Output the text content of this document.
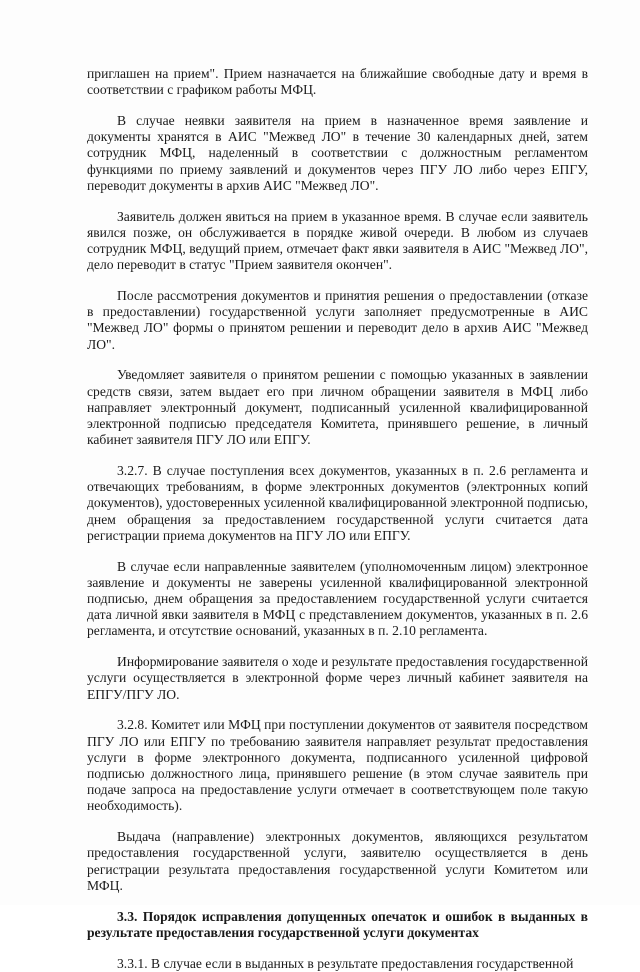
приглашен на прием". Прием назначается на ближайшие свободные дату и время в соответствии с графиком работы МФЦ.

В случае неявки заявителя на прием в назначенное время заявление и документы хранятся в АИС "Межвед ЛО" в течение 30 календарных дней, затем сотрудник МФЦ, наделенный в соответствии с должностным регламентом функциями по приему заявлений и документов через ПГУ ЛО либо через ЕПГУ, переводит документы в архив АИС "Межвед ЛО".

Заявитель должен явиться на прием в указанное время. В случае если заявитель явился позже, он обслуживается в порядке живой очереди. В любом из случаев сотрудник МФЦ, ведущий прием, отмечает факт явки заявителя в АИС "Межвед ЛО", дело переводит в статус "Прием заявителя окончен".

После рассмотрения документов и принятия решения о предоставлении (отказе в предоставлении) государственной услуги заполняет предусмотренные в АИС "Межвед ЛО" формы о принятом решении и переводит дело в архив АИС "Межвед ЛО".

Уведомляет заявителя о принятом решении с помощью указанных в заявлении средств связи, затем выдает его при личном обращении заявителя в МФЦ либо направляет электронный документ, подписанный усиленной квалифицированной электронной подписью председателя Комитета, принявшего решение, в личный кабинет заявителя ПГУ ЛО или ЕПГУ.

3.2.7. В случае поступления всех документов, указанных в п. 2.6 регламента и отвечающих требованиям, в форме электронных документов (электронных копий документов), удостоверенных усиленной квалифицированной электронной подписью, днем обращения за предоставлением государственной услуги считается дата регистрации приема документов на ПГУ ЛО или ЕПГУ.

В случае если направленные заявителем (уполномоченным лицом) электронное заявление и документы не заверены усиленной квалифицированной электронной подписью, днем обращения за предоставлением государственной услуги считается дата личной явки заявителя в МФЦ с представлением документов, указанных в п. 2.6 регламента, и отсутствие оснований, указанных в п. 2.10 регламента.

Информирование заявителя о ходе и результате предоставления государственной услуги осуществляется в электронной форме через личный кабинет заявителя на ЕПГУ/ПГУ ЛО.

3.2.8. Комитет или МФЦ при поступлении документов от заявителя посредством ПГУ ЛО или ЕПГУ по требованию заявителя направляет результат предоставления услуги в форме электронного документа, подписанного усиленной цифровой подписью должностного лица, принявшего решение (в этом случае заявитель при подаче запроса на предоставление услуги отмечает в соответствующем поле такую необходимость).

Выдача (направление) электронных документов, являющихся результатом предоставления государственной услуги, заявителю осуществляется в день регистрации результата предоставления государственной услуги Комитетом или МФЦ.

3.3. Порядок исправления допущенных опечаток и ошибок в выданных в результате предоставления государственной услуги документах

3.3.1. В случае если в выданных в результате предоставления государственной
